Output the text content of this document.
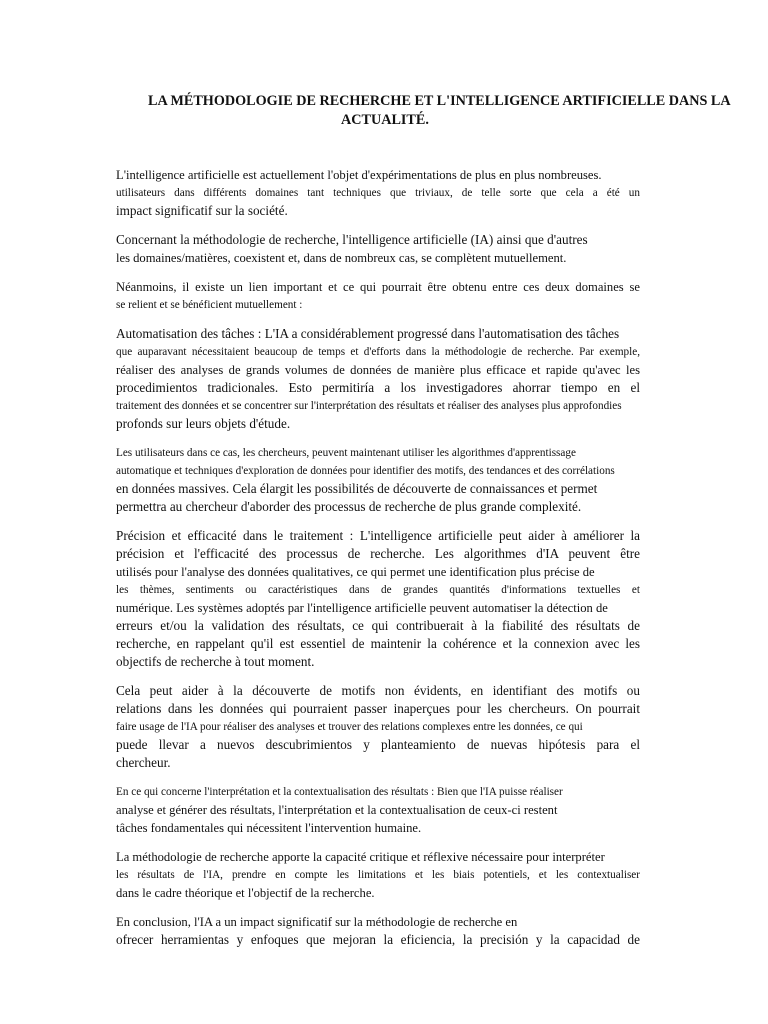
LA MÉTHODOLOGIE DE RECHERCHE ET L'INTELLIGENCE ARTIFICIELLE DANS LA
ACTUALITÉ.

L'intelligence artificielle est actuellement l'objet d'expérimentations de plus en plus nombreuses.
utilisateurs dans différents domaines tant techniques que triviaux, de telle sorte que cela a été un
impact significatif sur la société.

Concernant la méthodologie de recherche, l'intelligence artificielle (IA) ainsi que d'autres
les domaines/matières, coexistent et, dans de nombreux cas, se complètent mutuellement.

Néanmoins, il existe un lien important et ce qui pourrait être obtenu entre ces deux domaines se
se relient et se bénéficient mutuellement :

Automatisation des tâches : L'IA a considérablement progressé dans l'automatisation des tâches
que auparavant nécessitaient beaucoup de temps et d'efforts dans la méthodologie de recherche. Par exemple,
réaliser des analyses de grands volumes de données de manière plus efficace et rapide qu'avec les
procedimientos tradicionales. Esto permitiría a los investigadores ahorrar tiempo en el
traitement des données et se concentrer sur l'interprétation des résultats et réaliser des analyses plus approfondies
profonds sur leurs objets d'étude.

Les utilisateurs dans ce cas, les chercheurs, peuvent maintenant utiliser les algorithmes d'apprentissage
automatique et techniques d'exploration de données pour identifier des motifs, des tendances et des corrélations
en données massives. Cela élargit les possibilités de découverte de connaissances et permet
permettra au chercheur d'aborder des processus de recherche de plus grande complexité.

Précision et efficacité dans le traitement : L'intelligence artificielle peut aider à améliorer la
précision et l'efficacité des processus de recherche. Les algorithmes d'IA peuvent être
utilisés pour l'analyse des données qualitatives, ce qui permet une identification plus précise de
les thèmes, sentiments ou caractéristiques dans de grandes quantités d'informations textuelles et
numérique. Les systèmes adoptés par l'intelligence artificielle peuvent automatiser la détection de
erreurs et/ou la validation des résultats, ce qui contribuerait à la fiabilité des résultats de
recherche, en rappelant qu'il est essentiel de maintenir la cohérence et la connexion avec les
objectifs de recherche à tout moment.

Cela peut aider à la découverte de motifs non évidents, en identifiant des motifs ou
relations dans les données qui pourraient passer inaperçues pour les chercheurs. On pourrait
faire usage de l'IA pour réaliser des analyses et trouver des relations complexes entre les données, ce qui
puede llevar a nuevos descubrimientos y planteamiento de nuevas hipótesis para el
chercheur.

En ce qui concerne l'interprétation et la contextualisation des résultats : Bien que l'IA puisse réaliser
analyse et générer des résultats, l'interprétation et la contextualisation de ceux-ci restent
tâches fondamentales qui nécessitent l'intervention humaine.

La méthodologie de recherche apporte la capacité critique et réflexive nécessaire pour interpréter
les résultats de l'IA, prendre en compte les limitations et les biais potentiels, et les contextualiser
dans le cadre théorique et l'objectif de la recherche.

En conclusion, l'IA a un impact significatif sur la méthodologie de recherche en
ofrecer herramientas y enfoques que mejoran la eficiencia, la precisión y la capacidad de
